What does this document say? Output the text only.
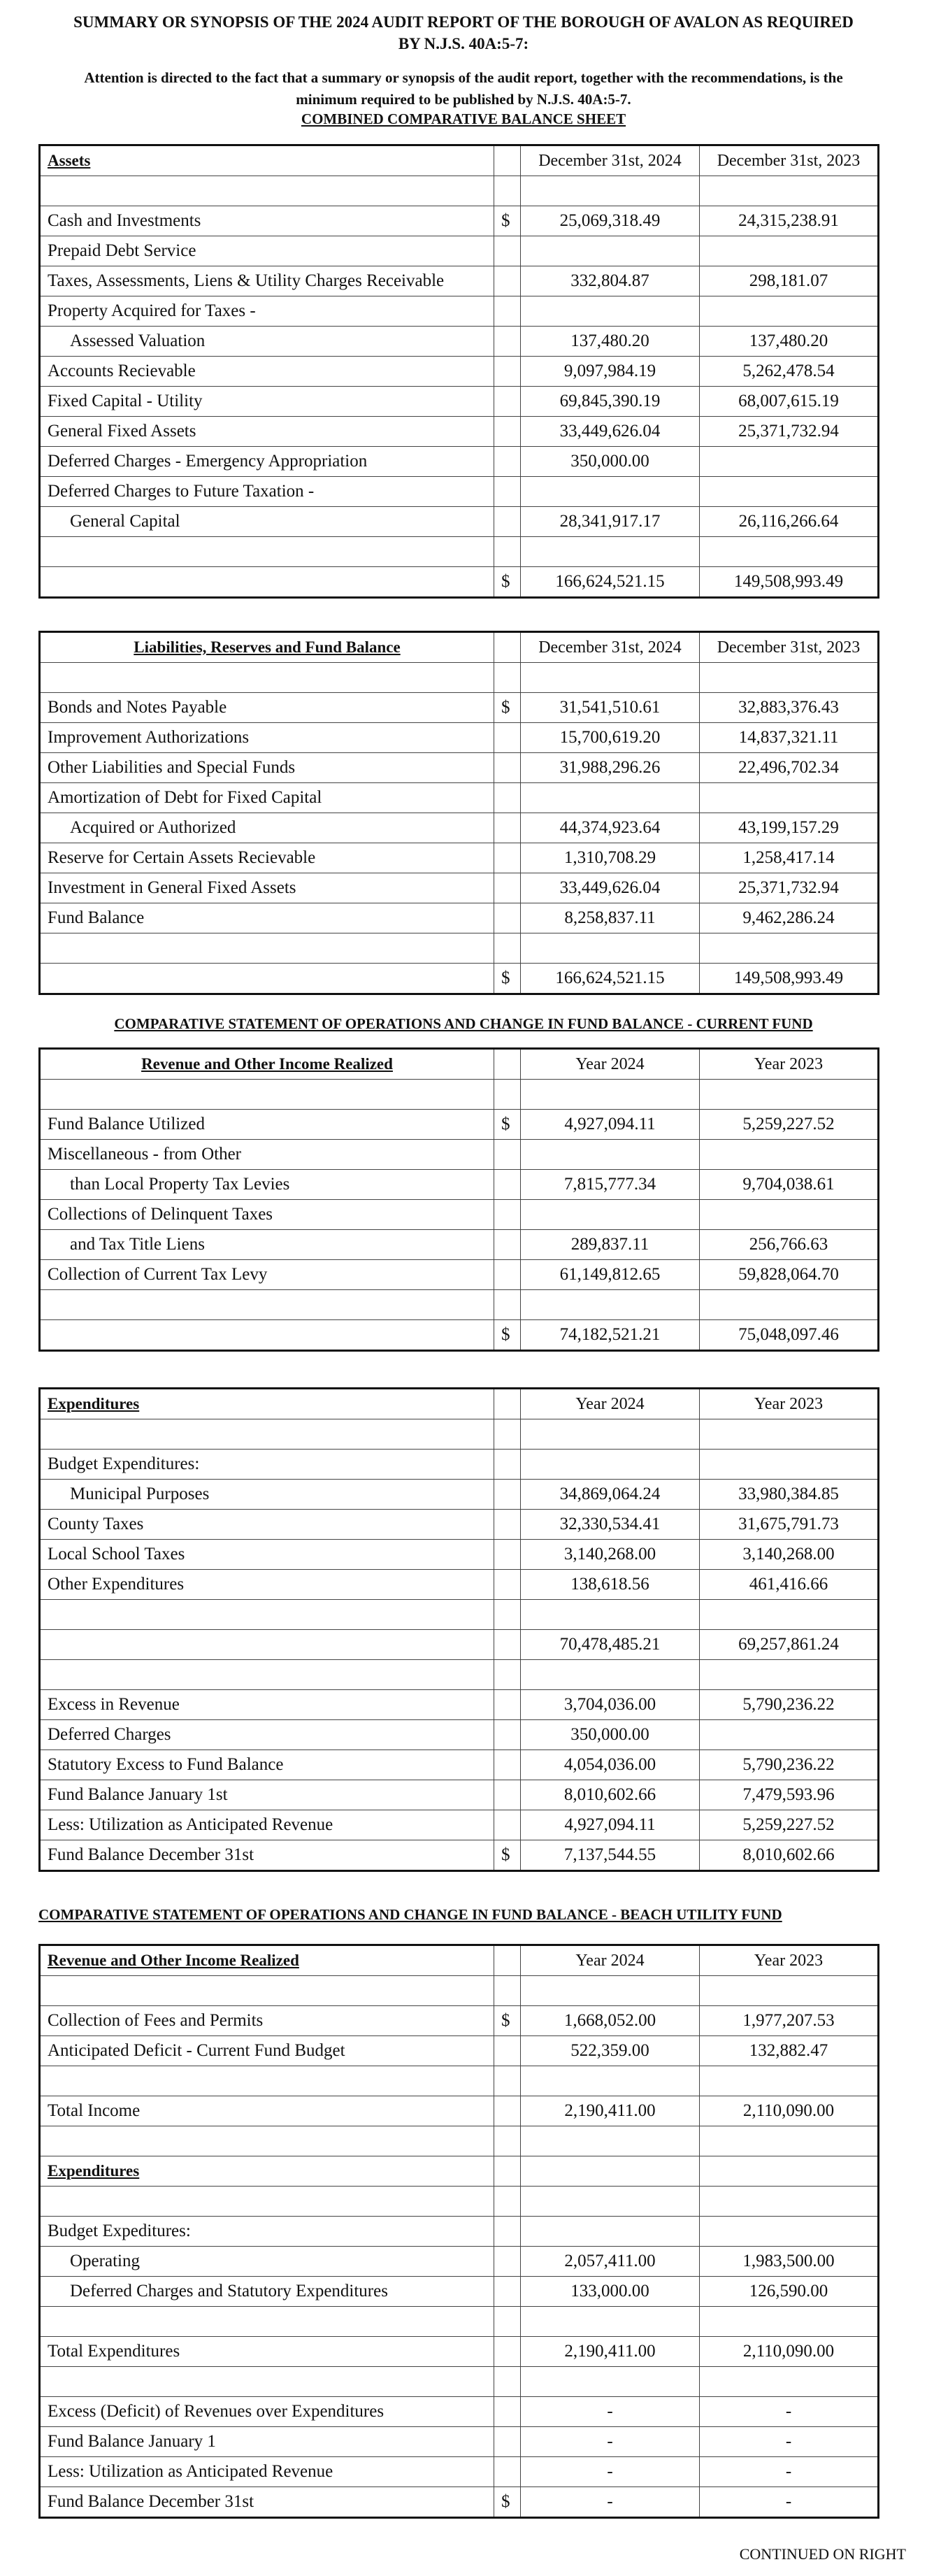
SUMMARY OR SYNOPSIS OF THE 2024 AUDIT REPORT OF THE BOROUGH OF AVALON AS REQUIRED
BY N.J.S. 40A:5-7:
Attention is directed to the fact that a summary or synopsis of the audit report, together with the recommendations, is the
minimum required to be published by N.J.S. 40A:5-7.
COMBINED COMPARATIVE BALANCE SHEET
Assets		December 31st, 2024	December 31st, 2023

Cash and Investments	$	25,069,318.49	24,315,238.91
Prepaid Debt Service			
Taxes, Assessments, Liens & Utility Charges Receivable		332,804.87	298,181.07
Property Acquired for Taxes -			
Assessed Valuation		137,480.20	137,480.20
Accounts Recievable		9,097,984.19	5,262,478.54
Fixed Capital - Utility		69,845,390.19	68,007,615.19
General Fixed Assets		33,449,626.04	25,371,732.94
Deferred Charges - Emergency Appropriation		350,000.00	
Deferred Charges to Future Taxation -			
General Capital		28,341,917.17	26,116,266.64

	$	166,624,521.15	149,508,993.49
Liabilities, Reserves and Fund Balance		December 31st, 2024	December 31st, 2023

Bonds and Notes Payable	$	31,541,510.61	32,883,376.43
Improvement Authorizations		15,700,619.20	14,837,321.11
Other Liabilities and Special Funds		31,988,296.26	22,496,702.34
Amortization of Debt for Fixed Capital			
Acquired or Authorized		44,374,923.64	43,199,157.29
Reserve for Certain Assets Recievable		1,310,708.29	1,258,417.14
Investment in General Fixed Assets		33,449,626.04	25,371,732.94
Fund Balance		8,258,837.11	9,462,286.24

	$	166,624,521.15	149,508,993.49
COMPARATIVE STATEMENT OF OPERATIONS AND CHANGE IN FUND BALANCE - CURRENT FUND
Revenue and Other Income Realized		Year 2024	Year 2023

Fund Balance Utilized	$	4,927,094.11	5,259,227.52
Miscellaneous - from Other			
than Local Property Tax Levies		7,815,777.34	9,704,038.61
Collections of Delinquent Taxes			
and Tax Title Liens		289,837.11	256,766.63
Collection of Current Tax Levy		61,149,812.65	59,828,064.70

	$	74,182,521.21	75,048,097.46
Expenditures		Year 2024	Year 2023

Budget Expenditures:			
Municipal Purposes		34,869,064.24	33,980,384.85
County Taxes		32,330,534.41	31,675,791.73
Local School Taxes		3,140,268.00	3,140,268.00
Other Expenditures		138,618.56	461,416.66

		70,478,485.21	69,257,861.24

Excess in Revenue		3,704,036.00	5,790,236.22
Deferred Charges		350,000.00	
Statutory Excess to Fund Balance		4,054,036.00	5,790,236.22
Fund Balance January 1st		8,010,602.66	7,479,593.96
Less: Utilization as Anticipated Revenue		4,927,094.11	5,259,227.52
Fund Balance December 31st	$	7,137,544.55	8,010,602.66
COMPARATIVE STATEMENT OF OPERATIONS AND CHANGE IN FUND BALANCE - BEACH UTILITY FUND
Revenue and Other Income Realized		Year 2024	Year 2023

Collection of Fees and Permits	$	1,668,052.00	1,977,207.53
Anticipated Deficit - Current Fund Budget		522,359.00	132,882.47

Total Income		2,190,411.00	2,110,090.00

Expenditures			

Budget Expeditures:			
Operating		2,057,411.00	1,983,500.00
Deferred Charges and Statutory Expenditures		133,000.00	126,590.00

Total Expenditures		2,190,411.00	2,110,090.00

Excess (Deficit) of Revenues over Expenditures		-	-
Fund Balance January 1		-	-
Less: Utilization as Anticipated Revenue		-	-
Fund Balance December 31st	$	-	-
CONTINUED ON RIGHT
